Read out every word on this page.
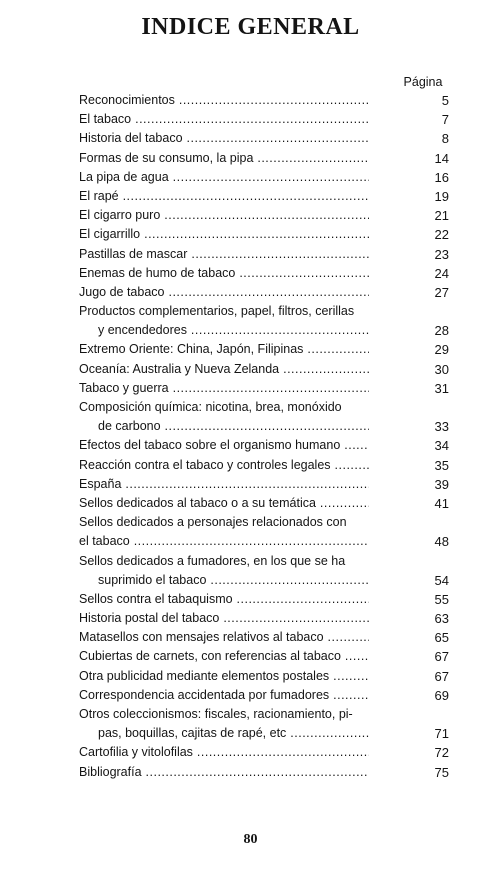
INDICE GENERAL
Página
Reconocimientos .....	5
El tabaco .....	7
Historia del tabaco .....	8
Formas de su consumo, la pipa .....	14
La pipa de agua .....	16
El rapé .....	19
El cigarro puro .....	21
El cigarrillo .....	22
Pastillas de mascar .....	23
Enemas de humo de tabaco .....	24
Jugo de tabaco .....	27
Productos complementarios, papel, filtros, cerillas
y encendedores .....	28
Extremo Oriente: China, Japón, Filipinas .....	29
Oceanía: Australia y Nueva Zelanda .....	30
Tabaco y guerra .....	31
Composición química: nicotina, brea, monóxido
de carbono .....	33
Efectos del tabaco sobre el organismo humano .....	34
Reacción contra el tabaco y controles legales .....	35
España .....	39
Sellos dedicados al tabaco o a su temática .....	41
Sellos dedicados a personajes relacionados con
el tabaco .....	48
Sellos dedicados a fumadores, en los que se ha
suprimido el tabaco .....	54
Sellos contra el tabaquismo .....	55
Historia postal del tabaco .....	63
Matasellos con mensajes relativos al tabaco .....	65
Cubiertas de carnets, con referencias al tabaco .....	67
Otra publicidad mediante elementos postales .....	67
Correspondencia accidentada por fumadores .....	69
Otros coleccionismos: fiscales, racionamiento, pi-
pas, boquillas, cajitas de rapé, etc .....	71
Cartofilia y vitolofilas .....	72
Bibliografía .....	75
80
